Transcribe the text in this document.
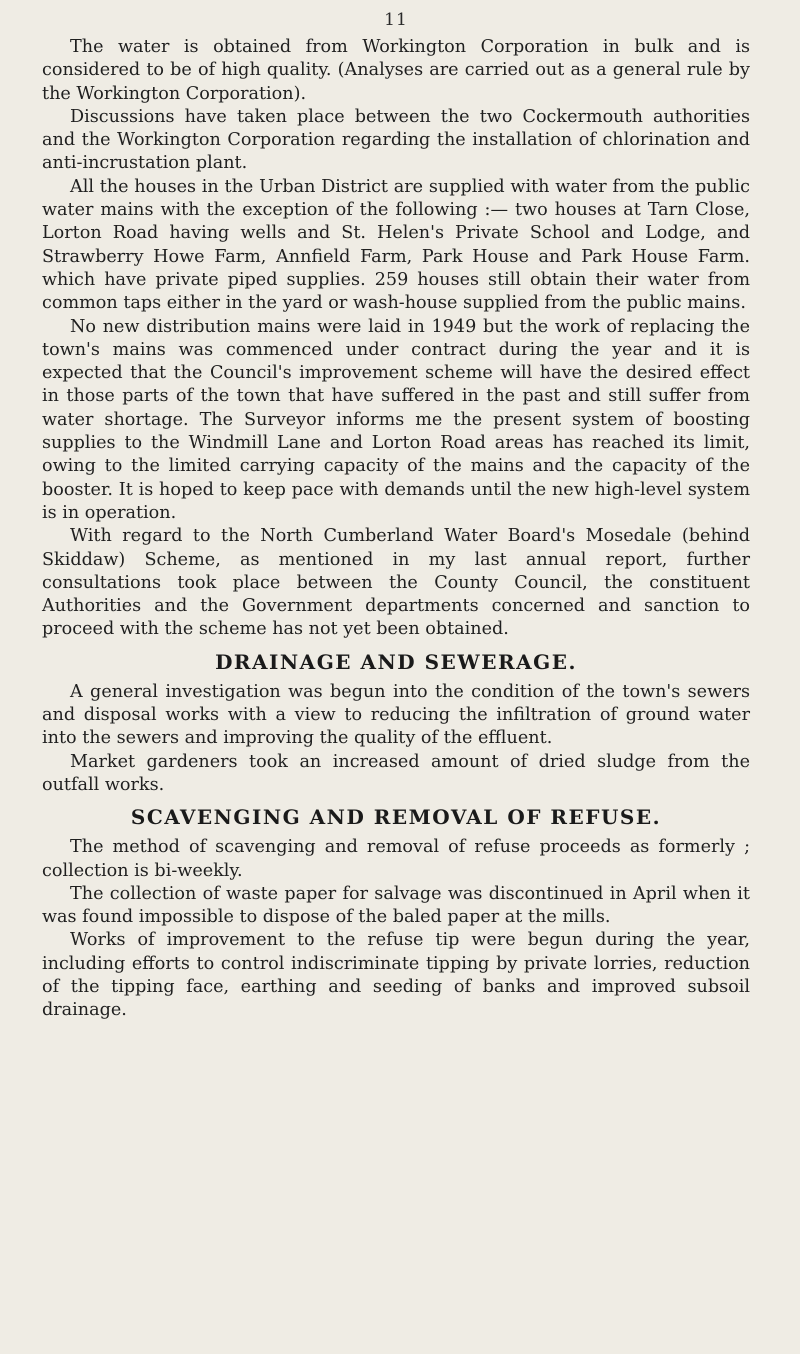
11

The water is obtained from Workington Corporation in bulk and is considered to be of high quality. (Analyses are carried out as a general rule by the Workington Corporation).

Discussions have taken place between the two Cockermouth authorities and the Workington Corporation regarding the installation of chlorination and anti-incrustation plant.

All the houses in the Urban District are supplied with water from the public water mains with the exception of the following :— two houses at Tarn Close, Lorton Road having wells and St. Helen's Private School and Lodge, and Strawberry Howe Farm, Annfield Farm, Park House and Park House Farm. which have private piped supplies. 259 houses still obtain their water from common taps either in the yard or wash-house supplied from the public mains.

No new distribution mains were laid in 1949 but the work of replacing the town's mains was commenced under contract during the year and it is expected that the Council's improvement scheme will have the desired effect in those parts of the town that have suffered in the past and still suffer from water shortage. The Surveyor informs me the present system of boosting supplies to the Windmill Lane and Lorton Road areas has reached its limit, owing to the limited carrying capacity of the mains and the capacity of the booster. It is hoped to keep pace with demands until the new high-level system is in operation.

With regard to the North Cumberland Water Board's Mosedale (behind Skiddaw) Scheme, as mentioned in my last annual report, further consultations took place between the County Council, the constituent Authorities and the Government departments concerned and sanction to proceed with the scheme has not yet been obtained.

DRAINAGE AND SEWERAGE.

A general investigation was begun into the condition of the town's sewers and disposal works with a view to reducing the infiltration of ground water into the sewers and improving the quality of the effluent.

Market gardeners took an increased amount of dried sludge from the outfall works.

SCAVENGING AND REMOVAL OF REFUSE.

The method of scavenging and removal of refuse proceeds as formerly ; collection is bi-weekly.

The collection of waste paper for salvage was discontinued in April when it was found impossible to dispose of the baled paper at the mills.

Works of improvement to the refuse tip were begun during the year, including efforts to control indiscriminate tipping by private lorries, reduction of the tipping face, earthing and seeding of banks and improved subsoil drainage.
